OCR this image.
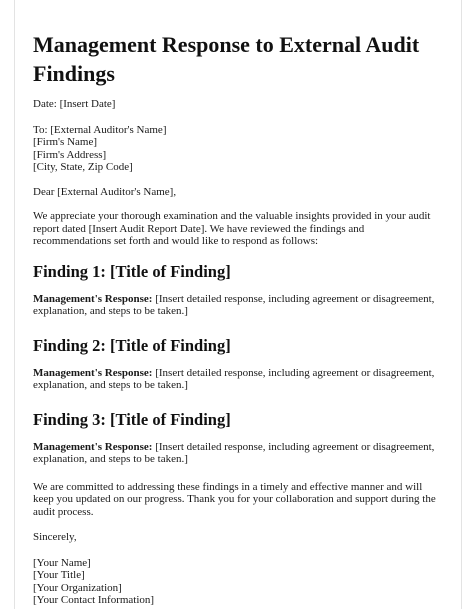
Management Response to External Audit Findings

Date: [Insert Date]

To: [External Auditor's Name]
[Firm's Name]
[Firm's Address]
[City, State, Zip Code]

Dear [External Auditor's Name],

We appreciate your thorough examination and the valuable insights provided in your audit report dated [Insert Audit Report Date]. We have reviewed the findings and recommendations set forth and would like to respond as follows:

Finding 1: [Title of Finding]

Management's Response: [Insert detailed response, including agreement or disagreement, explanation, and steps to be taken.]

Finding 2: [Title of Finding]

Management's Response: [Insert detailed response, including agreement or disagreement, explanation, and steps to be taken.]

Finding 3: [Title of Finding]

Management's Response: [Insert detailed response, including agreement or disagreement, explanation, and steps to be taken.]

We are committed to addressing these findings in a timely and effective manner and will keep you updated on our progress. Thank you for your collaboration and support during the audit process.

Sincerely,

[Your Name]
[Your Title]
[Your Organization]
[Your Contact Information]
